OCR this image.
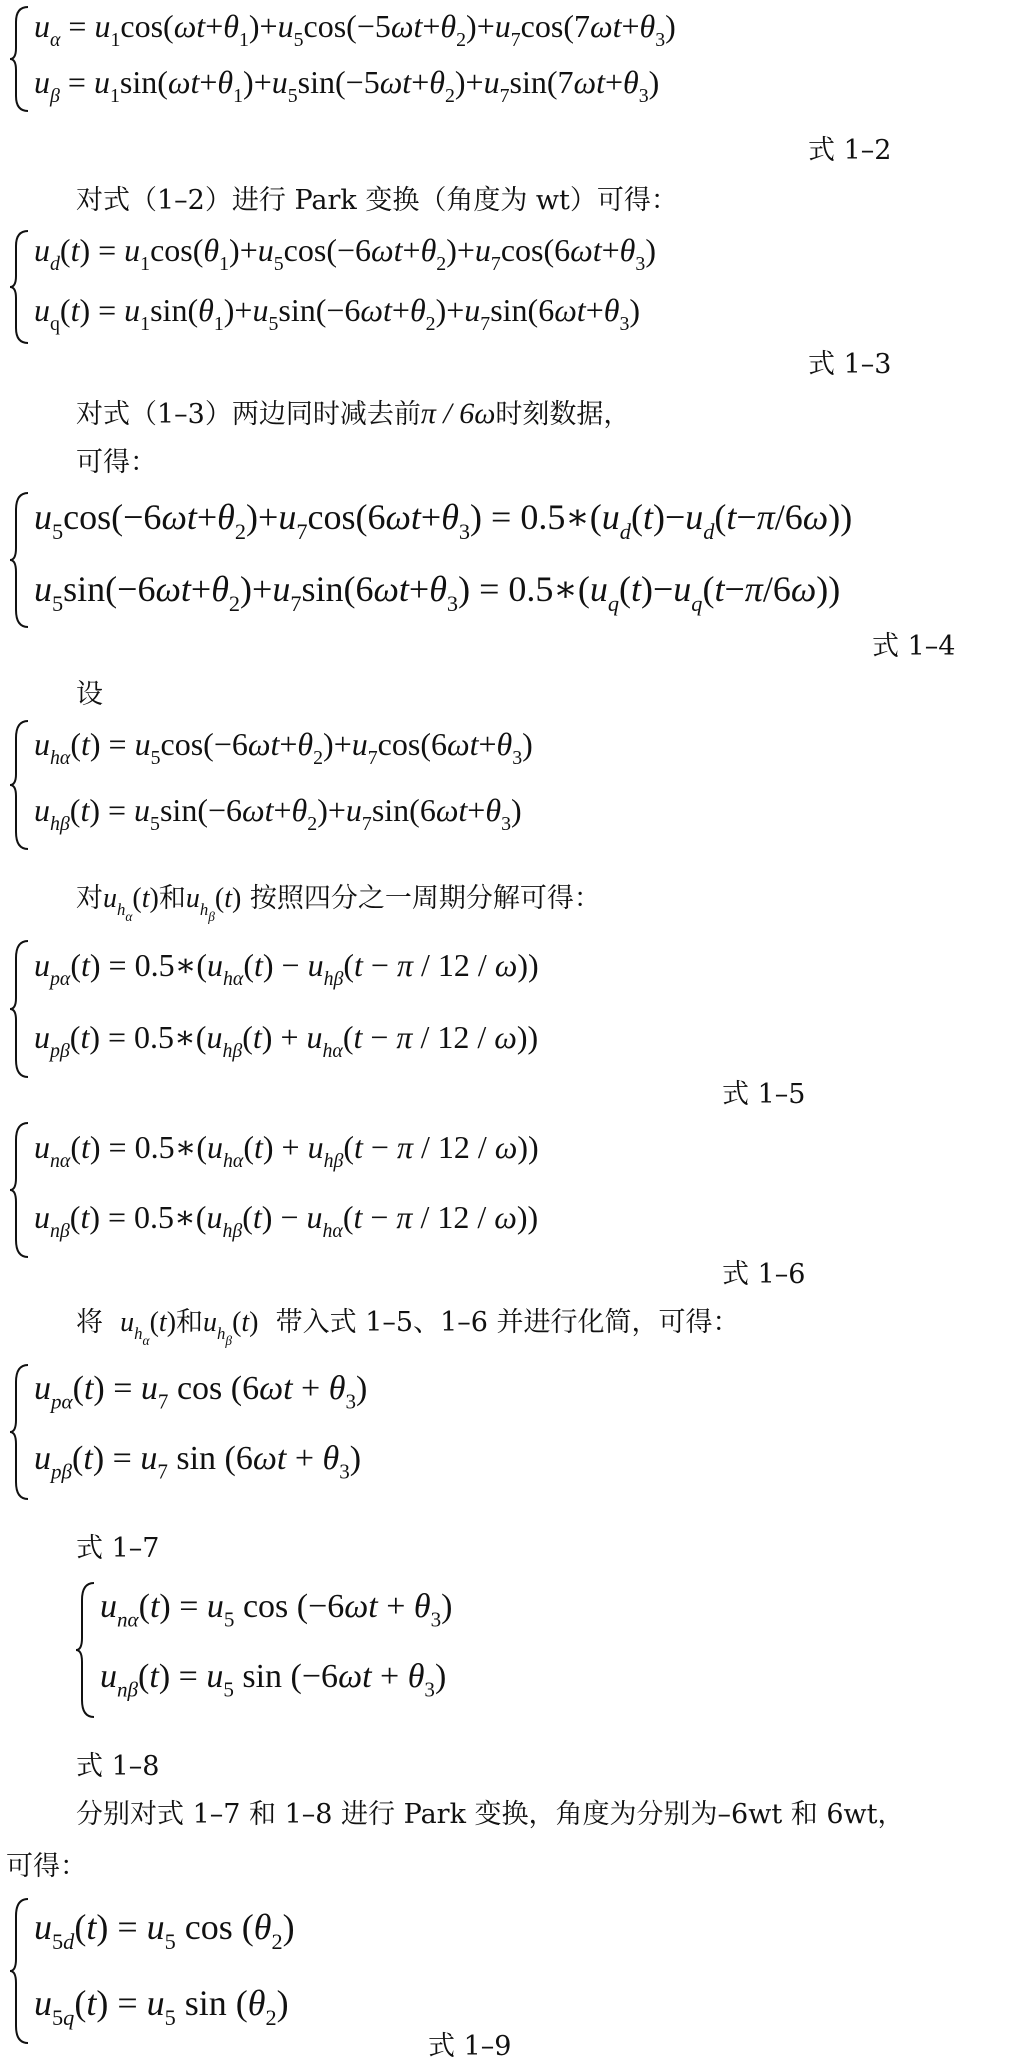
$u_\alpha = u_1\cos(\omega t+\theta_1)+u_5\cos(-5\omega t+\theta_2)+u_7\cos(7\omega t+\theta_3)$
$u_\beta = u_1\sin(\omega t+\theta_1)+u_5\sin(-5\omega t+\theta_2)+u_7\sin(7\omega t+\theta_3)$
式 1–2
对式（1–2）进行 Park 变换（角度为 wt）可得：
$u_d(t) = u_1\cos(\theta_1)+u_5\cos(-6\omega t+\theta_2)+u_7\cos(6\omega t+\theta_3)$
$u_q(t) = u_1\sin(\theta_1)+u_5\sin(-6\omega t+\theta_2)+u_7\sin(6\omega t+\theta_3)$
式 1–3
对式（1–3）两边同时减去前π / 6ω时刻数据，
可得：
$u_5\cos(-6\omega t+\theta_2)+u_7\cos(6\omega t+\theta_3)$ = $0.5∗(u_d(t)-u_d(t-\pi/6\omega))$
$u_5\sin(-6\omega t+\theta_2)+u_7\sin(6\omega t+\theta_3)$ = $0.5∗(u_q(t)-u_q(t-\pi/6\omega))$
式 1–4
设
$u_{h\alpha}(t) = u_5\cos(-6\omega t+\theta_2)+u_7\cos(6\omega t+\theta_3)$
$u_{h\beta}(t) = u_5\sin(-6\omega t+\theta_2)+u_7\sin(6\omega t+\theta_3)$
对$u_{h_\alpha}(t)$和$u_{h_\beta}(t)$ 按照四分之一周期分解可得：
$u_{p\alpha}(t)$ = $0.5∗(u_{h\alpha}(t) - u_{h\beta}(t - \pi / 12 / \omega))$
$u_{p\beta}(t)$ = $0.5∗(u_{h\beta}(t) + u_{h\alpha}(t - \pi / 12 / \omega))$
式 1–5
$u_{n\alpha}(t)$ = $0.5∗(u_{h\alpha}(t) + u_{h\beta}(t - \pi / 12 / \omega))$
$u_{n\beta}(t)$ = $0.5∗(u_{h\beta}(t) - u_{h\alpha}(t - \pi / 12 / \omega))$
式 1–6
将 $u_{h_\alpha}(t)$和$u_{h_\beta}(t)$ 带入式 1–5、1–6 并进行化简，可得：
$u_{p\alpha}(t) = u_7$ $\cos (6\omega t + \theta_3)$
$u_{p\beta}(t) = u_7$ $\sin (6\omega t + \theta_3)$
式 1–7
$u_{n\alpha}(t) = u_5$ $\cos (-6\omega t + \theta_3)$
$u_{n\beta}(t) = u_5$ $\sin (-6\omega t + \theta_3)$
式 1–8
分别对式 1–7 和 1–8 进行 Park 变换，角度为分别为–6wt 和 6wt，
可得：
$u_{5d}(t) = u_5$ $\cos (\theta_2)$
$u_{5q}(t) = u_5$ $\sin (\theta_2)$
式 1–9
